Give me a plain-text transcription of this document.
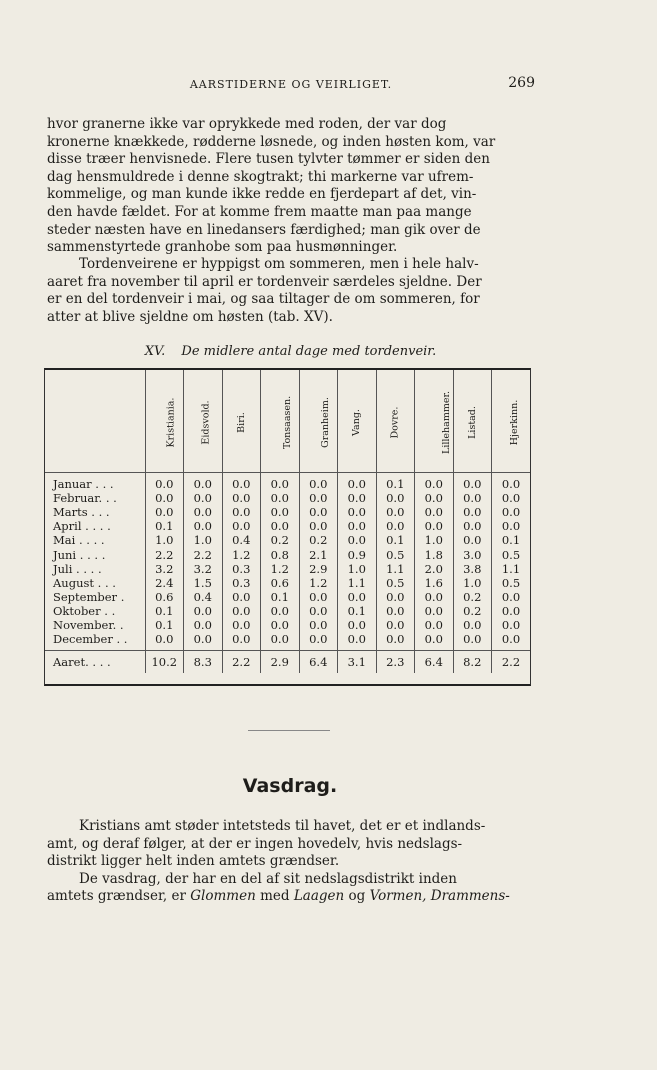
AARSTIDERNE OG VEIRLIGET.	269

hvor granerne ikke var oprykkede med roden, der var dog

kronerne knækkede, rødderne løsnede, og inden høsten kom, var

disse træer henvisnede. Flere tusen tylvter tømmer er siden den

dag hensmuldrede i denne skogtrakt; thi markerne var ufrem-

kommelige, og man kunde ikke redde en fjerdepart af det, vin-

den havde fældet. For at komme frem maatte man paa mange

steder næsten have en linedansers færdighed; man gik over de

sammenstyrtede granhobe som paa husmønninger.

Tordenveirene er hyppigst om sommeren, men i hele halv-

aaret fra november til april er tordenveir særdeles sjeldne. Der

er en del tordenveir i mai, og saa tiltager de om sommeren, for

atter at blive sjeldne om høsten (tab. XV).

XV. De midlere antal dage med tordenveir.
	Kristiania.	Eidsvold.	Biri.	Tonsaasen.	Granheim.	Vang.	Dovre.	Lillehammer.	Listad.	Hjerkinn.

Januar . . .	0.0	0.0	0.0	0.0	0.0	0.0	0.1	0.0	0.0	0.0
Februar. . .	0.0	0.0	0.0	0.0	0.0	0.0	0.0	0.0	0.0	0.0
Marts . . .	0.0	0.0	0.0	0.0	0.0	0.0	0.0	0.0	0.0	0.0
April . . . .	0.1	0.0	0.0	0.0	0.0	0.0	0.0	0.0	0.0	0.0
Mai . . . .	1.0	1.0	0.4	0.2	0.2	0.0	0.1	1.0	0.0	0.1
Juni . . . .	2.2	2.2	1.2	0.8	2.1	0.9	0.5	1.8	3.0	0.5
Juli . . . .	3.2	3.2	0.3	1.2	2.9	1.0	1.1	2.0	3.8	1.1
August . . .	2.4	1.5	0.3	0.6	1.2	1.1	0.5	1.6	1.0	0.5
September .	0.6	0.4	0.0	0.1	0.0	0.0	0.0	0.0	0.2	0.0
Oktober . .	0.1	0.0	0.0	0.0	0.0	0.1	0.0	0.0	0.2	0.0
November. .	0.1	0.0	0.0	0.0	0.0	0.0	0.0	0.0	0.0	0.0
December . .	0.0	0.0	0.0	0.0	0.0	0.0	0.0	0.0	0.0	0.0

Aaret. . . .	10.2	8.3	2.2	2.9	6.4	3.1	2.3	6.4	8.2	2.2
Vasdrag.

Kristians amt støder intetsteds til havet, det er et indlands-

amt, og deraf følger, at der er ingen hovedelv, hvis nedslags-

distrikt ligger helt inden amtets grændser.

De vasdrag, der har en del af sit nedslagsdistrikt inden

amtets grændser, er Glommen med Laagen og Vormen, Drammens-
